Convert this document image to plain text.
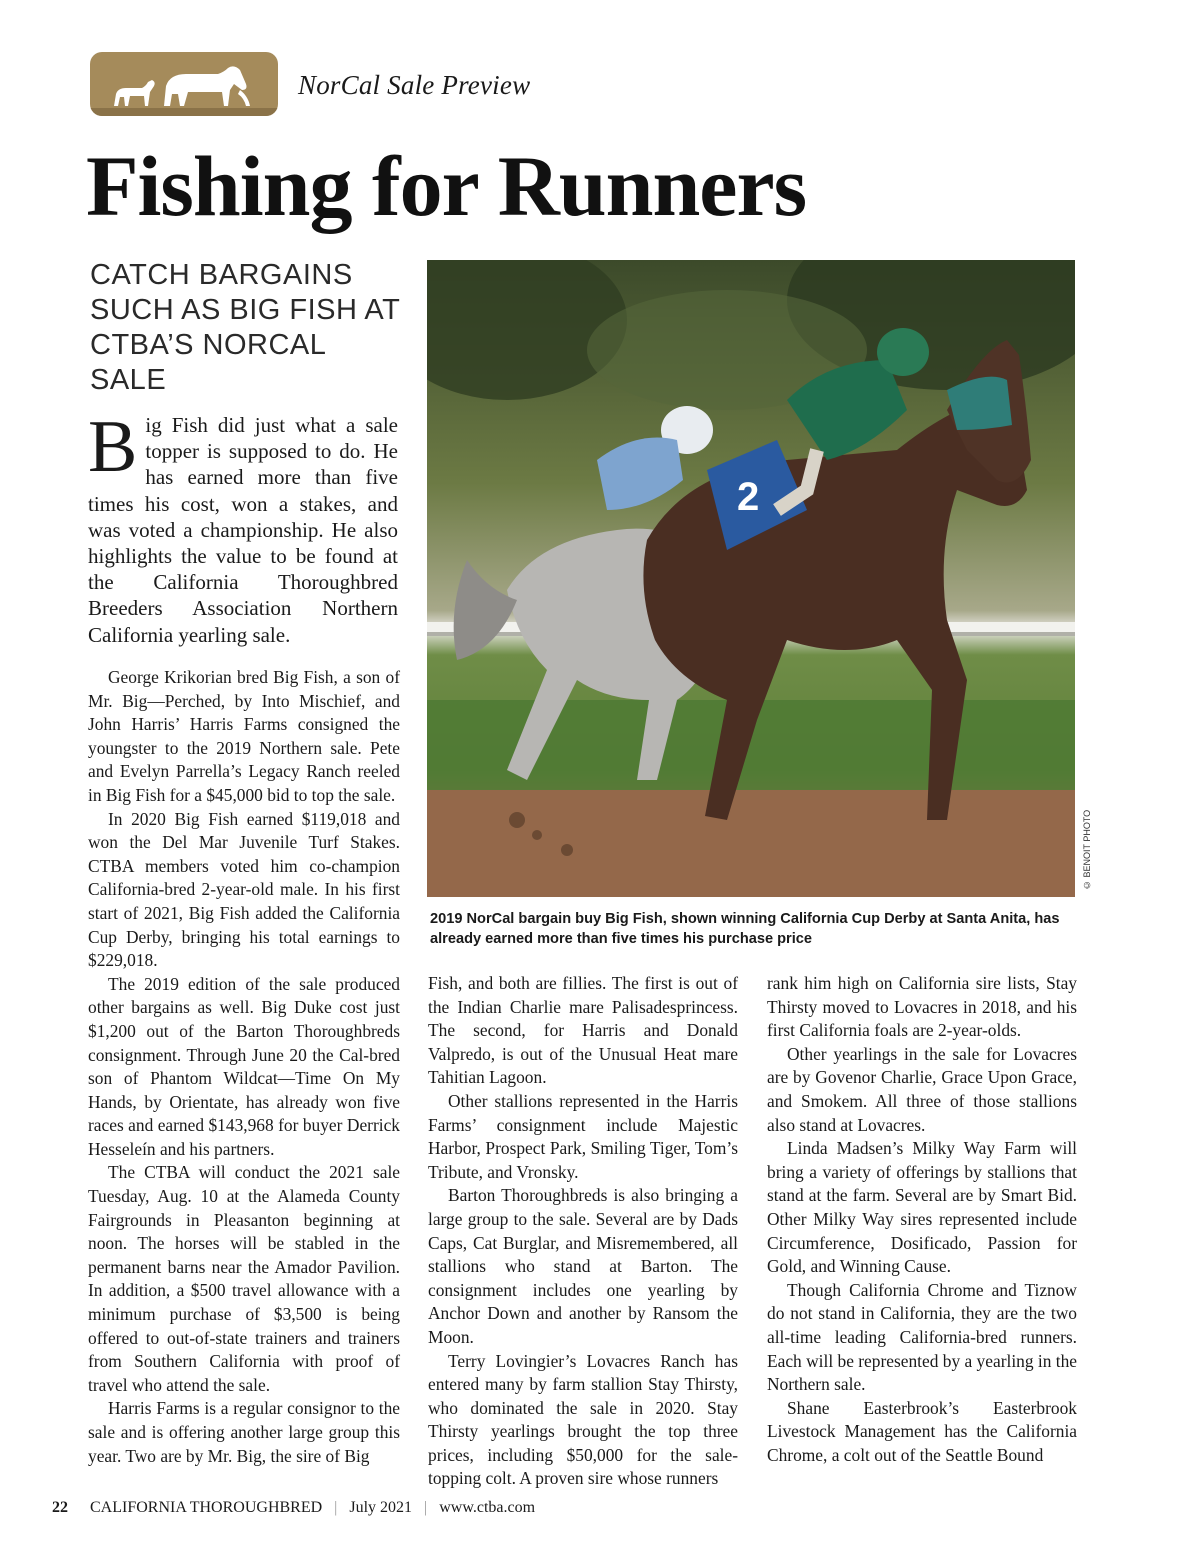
NorCal Sale Preview
Fishing for Runners
CATCH BARGAINS SUCH AS BIG FISH AT CTBA’S NORCAL SALE
B ig Fish did just what a sale topper is supposed to do. He has earned more than five times his cost, won a stakes, and was voted a championship. He also highlights the value to be found at the California Thoroughbred Breeders Association Northern California yearling sale.

George Krikorian bred Big Fish, a son of Mr. Big—Perched, by Into Mischief, and John Harris’ Harris Farms consigned the youngster to the 2019 Northern sale. Pete and Evelyn Parrella’s Legacy Ranch reeled in Big Fish for a $45,000 bid to top the sale.

In 2020 Big Fish earned $119,018 and won the Del Mar Juvenile Turf Stakes. CTBA members voted him co-champion California-bred 2-year-old male. In his first start of 2021, Big Fish added the California Cup Derby, bringing his total earnings to $229,018.

The 2019 edition of the sale produced other bargains as well. Big Duke cost just $1,200 out of the Barton Thoroughbreds consignment. Through June 20 the Cal-bred son of Phantom Wildcat—Time On My Hands, by Orientate, has already won five races and earned $143,968 for buyer Derrick Hesseleín and his partners.

The CTBA will conduct the 2021 sale Tuesday, Aug. 10 at the Alameda County Fairgrounds in Pleasanton beginning at noon. The horses will be stabled in the permanent barns near the Amador Pavilion. In addition, a $500 travel allowance with a minimum purchase of $3,500 is being offered to out-of-state trainers and trainers from Southern California with proof of travel who attend the sale.

Harris Farms is a regular consignor to the sale and is offering another large group this year. Two are by Mr. Big, the sire of Big

2
© BENOIT PHOTO
2019 NorCal bargain buy Big Fish, shown winning California Cup Derby at Santa Anita, has already earned more than five times his purchase price

Fish, and both are fillies. The first is out of the Indian Charlie mare Palisadesprincess. The second, for Harris and Donald Valpredo, is out of the Unusual Heat mare Tahitian Lagoon.

Other stallions represented in the Harris Farms’ consignment include Majestic Harbor, Prospect Park, Smiling Tiger, Tom’s Tribute, and Vronsky.

Barton Thoroughbreds is also bringing a large group to the sale. Several are by Dads Caps, Cat Burglar, and Misremembered, all stallions who stand at Barton. The consignment includes one yearling by Anchor Down and another by Ransom the Moon.

Terry Lovingier’s Lovacres Ranch has entered many by farm stallion Stay Thirsty, who dominated the sale in 2020. Stay Thirsty yearlings brought the top three prices, including $50,000 for the sale-topping colt. A proven sire whose runners

rank him high on California sire lists, Stay Thirsty moved to Lovacres in 2018, and his first California foals are 2-year-olds.

Other yearlings in the sale for Lovacres are by Govenor Charlie, Grace Upon Grace, and Smokem. All three of those stallions also stand at Lovacres.

Linda Madsen’s Milky Way Farm will bring a variety of offerings by stallions that stand at the farm. Several are by Smart Bid. Other Milky Way sires represented include Circumference, Dosificado, Passion for Gold, and Winning Cause.

Though California Chrome and Tiznow do not stand in California, they are the two all-time leading California-bred runners. Each will be represented by a yearling in the Northern sale.

Shane Easterbrook’s Easterbrook Livestock Management has the California Chrome, a colt out of the Seattle Bound

22 CALIFORNIA THOROUGHBRED | July 2021 | www.ctba.com
